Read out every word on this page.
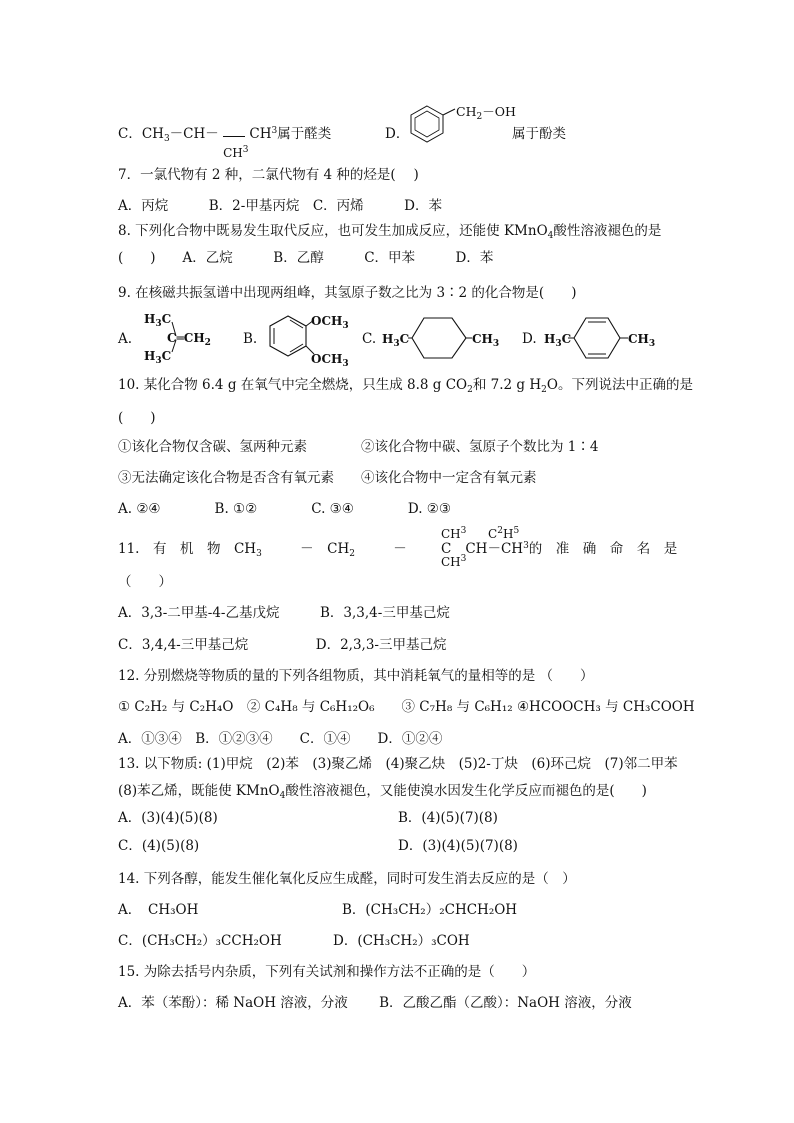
C．$CH_3-CH-$
$CH^3$
$CH^3$属于醛类	D．
$CH_2-OH$
属于酚类
7．一氯代物有 2 种，二氯代物有 4 种的烃是(　 )
A．丙烷　　　B．2-甲基丙烷　C．丙烯　　　D．苯
8. 下列化合物中既易发生取代反应，也可发生加成反应，还能使 KMnO$_4$酸性溶液褪色的是
(　　)　　A．乙烷　　　B．乙醇　　　C．甲苯　　　D．苯
9. 在核磁共振氢谱中出现两组峰，其氢原子数之比为 3∶2 的化合物是(　　)
A.
$H_3C$
$C═CH_2$
$H_3C$
B.
$OCH_3$
$OCH_3$
C. $H_3C$	$CH_3$ D. $H_3C$	$CH_3$
10. 某化合物 6.4 g 在氧气中完全燃烧，只生成 8.8 g $CO_2$和 7.2 g $H_2O$。下列说法中正确的是
(　　)
①该化合物仅含碳、氢两种元素　　　　②该化合物中碳、氢原子个数比为 1∶4
③无法确定该化合物是否含有氧元素　　④该化合物中一定含有氧元素
A. ②④　　　　B. ①②　　　　C. ③④　　　　D. ②③
11.　有　机　物　$CH_3$	－　$CH_2$	－
$CH^3$ $C^2H^5$
C $CH-CH^3$的　准　确　命　名　是
$CH^3$
（　　）
A．3,3-二甲基-4-乙基戊烷　　　B．3,3,4-三甲基己烷
C．3,4,4-三甲基己烷　　　　　D．2,3,3-三甲基己烷
12. 分别燃烧等物质的量的下列各组物质，其中消耗氧气的量相等的是 （　　）
① C₂H₂ 与 C₂H₄O　② C₄H₈ 与 C₆H₁₂O₆　　③ C₇H₈ 与 C₆H₁₂ ④HCOOCH₃ 与 CH₃COOH
A．①③④　B．①②③④　　C．①④　　D．①②④
13. 以下物质: (1)甲烷　(2)苯　(3)聚乙烯　(4)聚乙炔　(5)2-丁炔　(6)环己烷　(7)邻二甲苯
(8)苯乙烯，既能使 KMnO$_4$酸性溶液褪色，又能使溴水因发生化学反应而褪色的是(　　)
A．(3)(4)(5)(8)	B．(4)(5)(7)(8)
C．(4)(5)(8)	D．(3)(4)(5)(7)(8)
14. 下列各醇，能发生催化氧化反应生成醛，同时可发生消去反应的是（　）
A．　CH₃OH	B．(CH₃CH₂）₂CHCH₂OH
C．(CH₃CH₂）₃CCH₂OH	D．(CH₃CH₂）₃COH
15. 为除去括号内杂质，下列有关试剂和操作方法不正确的是（　　）
A．苯（苯酚）：稀 NaOH 溶液，分液　　 B．乙酸乙酯（乙酸）：NaOH 溶液，分液
